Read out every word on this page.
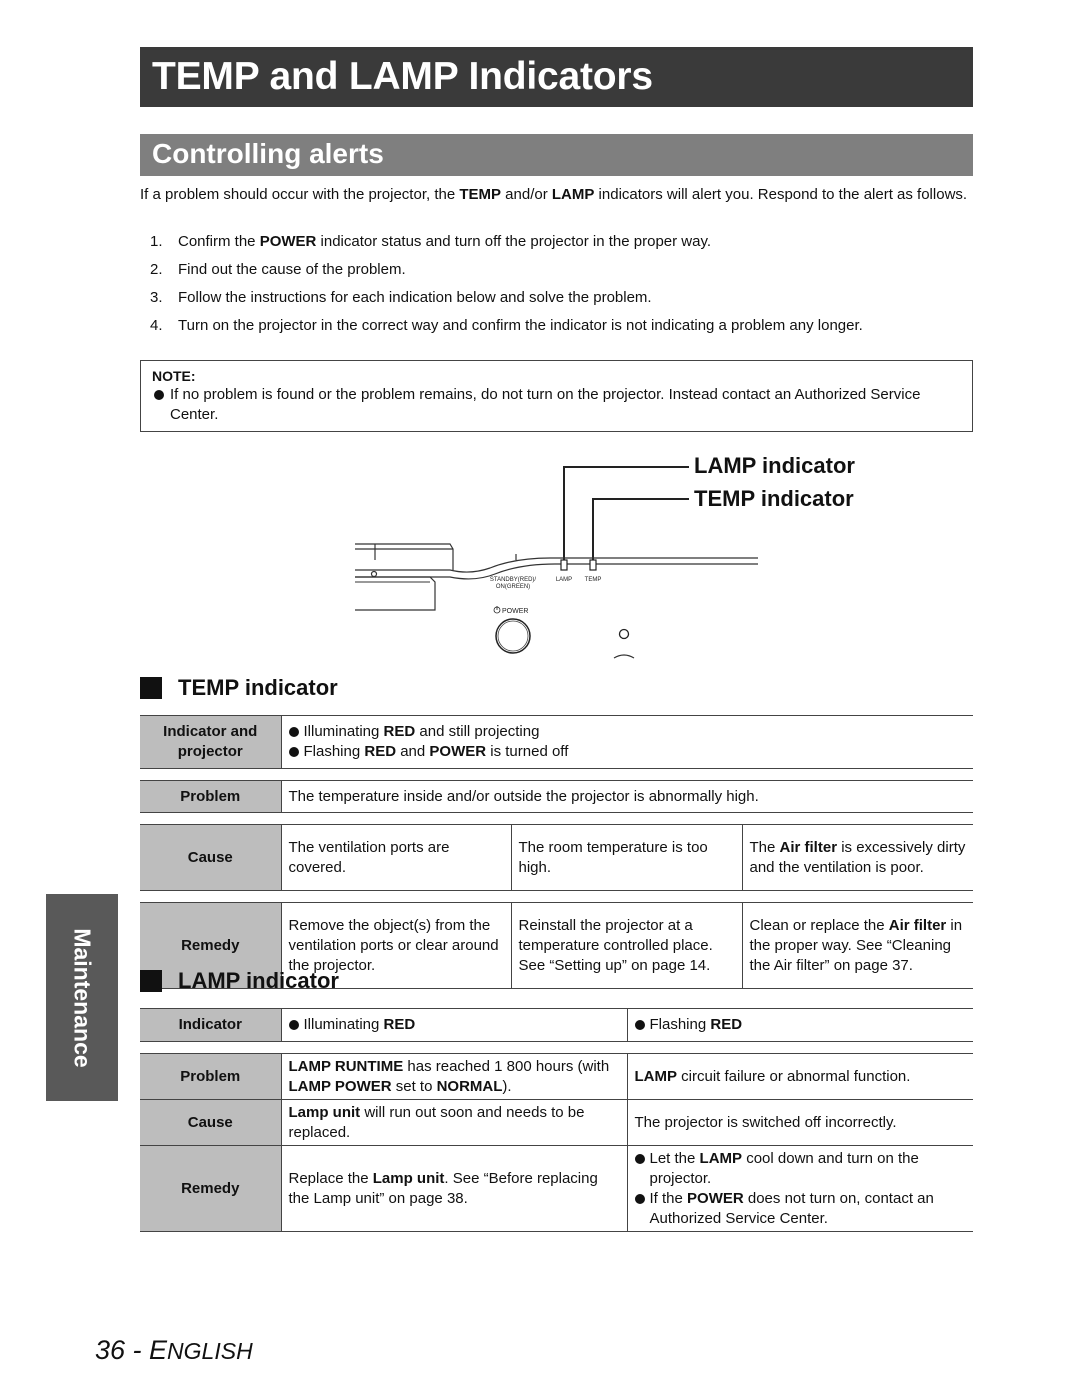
TEMP and LAMP Indicators
Controlling alerts

If a problem should occur with the projector, the TEMP and/or LAMP indicators will alert you. Respond to the alert as follows.

1.	Confirm the POWER indicator status and turn off the projector in the proper way.
2.	Find out the cause of the problem.
3.	Follow the instructions for each indication below and solve the problem.
4.	Turn on the projector in the correct way and confirm the indicator is not indicating a problem any longer.
NOTE:
If no problem is found or the problem remains, do not turn on the projector. Instead contact an Authorized Service Center.
STANDBY(RED)/
ON(GREEN)
LAMP TEMP
POWER
LAMP indicator
TEMP indicator
TEMP indicator
Indicator and projector	Illuminating RED and still projecting
Flashing RED and POWER is turned off		

Problem	The temperature inside and/or outside the projector is abnormally high.		

Cause	The ventilation ports are covered.	The room temperature is too high.	The Air filter is excessively dirty and the ventilation is poor.

Remedy	Remove the object(s) from the ventilation ports or clear around the projector.	Reinstall the projector at a temperature controlled place. See “Setting up” on page 14.	Clean or replace the Air filter in the proper way. See “Cleaning the Air filter” on page 37.
LAMP indicator
Indicator	Illuminating RED	Flashing RED

Problem	LAMP RUNTIME has reached 1 800 hours (with LAMP POWER set to NORMAL).	LAMP circuit failure or abnormal function.
Cause	Lamp unit will run out soon and needs to be replaced.	The projector is switched off incorrectly.
Remedy	Replace the Lamp unit. See “Before replacing the Lamp unit” on page 38.	Let the LAMP cool down and turn on the projector.
If the POWER does not turn on, contact an Authorized Service Center.
Maintenance
36 - ENGLISH
